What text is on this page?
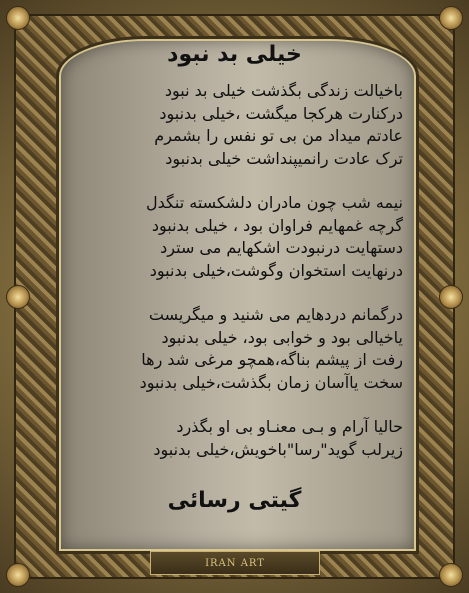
خیلی بد نبود
باخیالت زندگی بگذشت خیلی بد نبود
درکنارت هرکجا میگشت ،خیلی بدنبود
عادتم میداد من بی تو نفس را بشمرم
ترک عادت رانمیپنداشت خیلی بدنبود
نیمه شب چون مادران دلشکسته تنگدل
گرچه غمهایم فراوان بود ، خیلی بدنبود
دستهایت درنبودت اشکهایم می سترد
درنهایت استخوان وگوشت،خیلی بدنبود
درگمانم دردهایم می شنید و میگریست
یاخیالی بود و خوابی بود، خیلی بدنبود
رفت از پیشم بناگه،همچو مرغی شد رها
سخت یاآسان زمان بگذشت،خیلی بدنبود
حالیا آرام و بـی معنـاو بی او بگذرد
زیرلب گوید"رسا"باخویش،خیلی بدنبود
گیتی رسائی
IRAN ART
